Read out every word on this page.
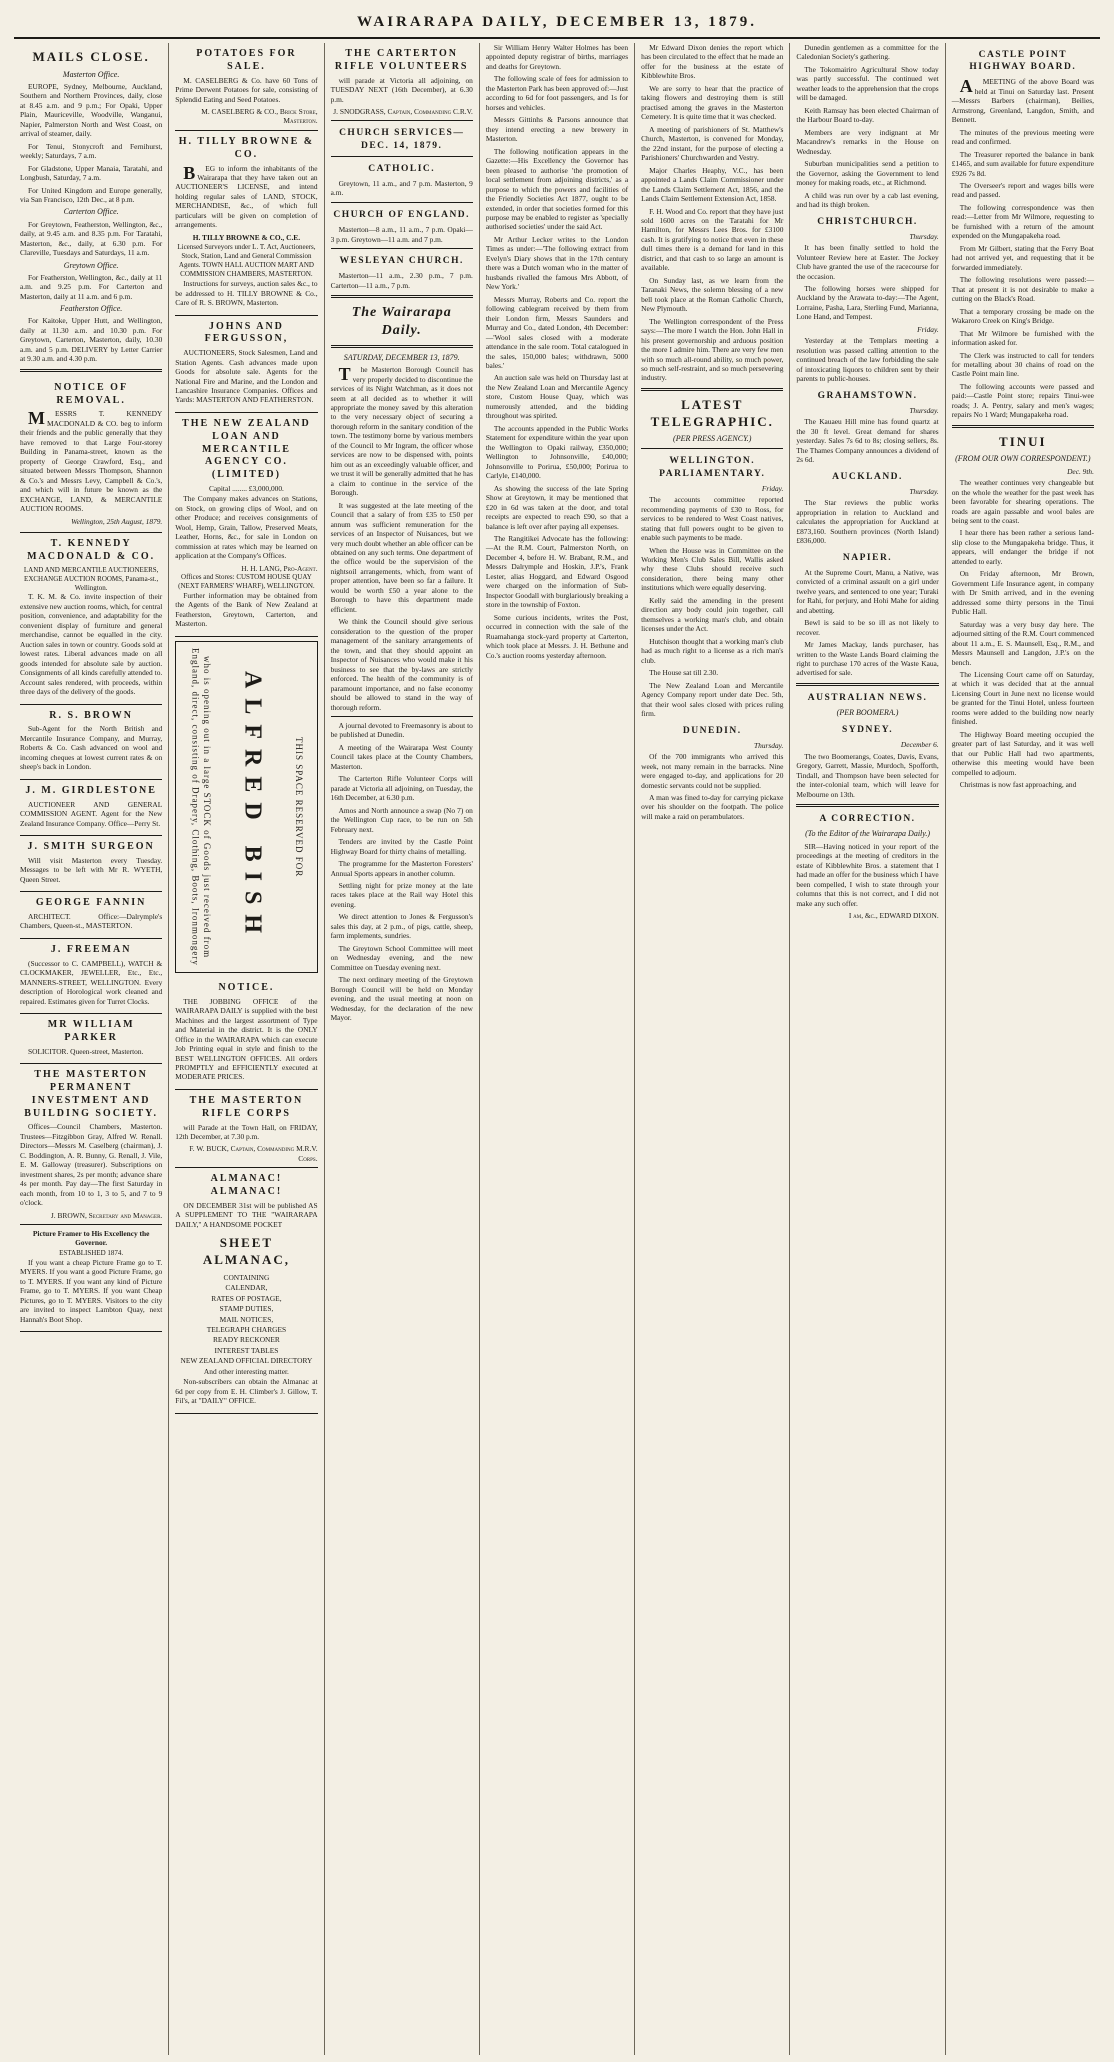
WAIRARAPA DAILY, DECEMBER 13, 1879.
MAILS CLOSE.
Masterton Office.

EUROPE, Sydney, Melbourne, Auckland, Southern and Northern Provinces, daily, close at 8.45 a.m. and 9 p.m.; For Opaki, Upper Plain, Mauriceville, Woodville, Wanganui, Napier, Palmerston North and West Coast, on arrival of steamer, daily.

For Tenui, Stonycroft and Fernihurst, weekly; Saturdays, 7 a.m.

For Gladstone, Upper Manaia, Taratahi, and Longbush, Saturday, 7 a.m.

For United Kingdom and Europe generally, via San Francisco, 12th Dec., at 8 p.m.

Carterton Office.

For Greytown, Featherston, Wellington, &c., daily, at 9.45 a.m. and 8.35 p.m. For Taratahi, Masterton, &c., daily, at 6.30 p.m. For Clareville, Tuesdays and Saturdays, 11 a.m.

Greytown Office.

For Featherston, Wellington, &c., daily at 11 a.m. and 9.25 p.m. For Carterton and Masterton, daily at 11 a.m. and 6 p.m.

Featherston Office.

For Kaitoke, Upper Hutt, and Wellington, daily at 11.30 a.m. and 10.30 p.m. For Greytown, Carterton, Masterton, daily, 10.30 a.m. and 5 p.m. DELIVERY by Letter Carrier at 9.30 a.m. and 4.30 p.m.

NOTICE OF REMOVAL.

MESSRS T. KENNEDY MACDONALD & CO. beg to inform their friends and the public generally that they have removed to that Large Four-storey Building in Panama-street, known as the property of George Crawford, Esq., and situated between Messrs Thompson, Shannon & Co.'s and Messrs Levy, Campbell & Co.'s, and which will in future be known as the EXCHANGE, LAND, & MERCANTILE AUCTION ROOMS.

Wellington, 25th August, 1879.
T. KENNEDY MACDONALD & CO.
LAND AND MERCANTILE AUCTIONEERS, EXCHANGE AUCTION ROOMS, Panama-st., Wellington.

T. K. M. & Co. invite inspection of their extensive new auction rooms, which, for central position, convenience, and adaptability for the convenient display of furniture and general merchandise, cannot be equalled in the city. Auction sales in town or country. Goods sold at lowest rates. Liberal advances made on all goods intended for absolute sale by auction. Consignments of all kinds carefully attended to. Account sales rendered, with proceeds, within three days of the delivery of the goods.

R. S. BROWN

Sub-Agent for the North British and Mercantile Insurance Company, and Murray, Roberts & Co. Cash advanced on wool and incoming cheques at lowest current rates & on sheep's back in London.

J. M. GIRDLESTONE

AUCTIONEER AND GENERAL COMMISSION AGENT. Agent for the New Zealand Insurance Company. Office—Perry St.

J. SMITH SURGEON

Will visit Masterton every Tuesday. Messages to be left with Mr R. WYETH, Queen Street.

GEORGE FANNIN

ARCHITECT. Office:—Dalrymple's Chambers, Queen-st., MASTERTON.

J. FREEMAN

(Successor to C. CAMPBELL), WATCH & CLOCKMAKER, JEWELLER, Etc., Etc., MANNERS-STREET, WELLINGTON. Every description of Horological work cleaned and repaired. Estimates given for Turret Clocks.

MR WILLIAM PARKER

SOLICITOR. Queen-street, Masterton.

THE MASTERTON PERMANENT INVESTMENT AND BUILDING SOCIETY.

Offices—Council Chambers, Masterton. Trustees—Fitzgibbon Gray, Alfred W. Renall. Directors—Messrs M. Caselberg (chairman), J. C. Boddington, A. R. Bunny, G. Renall, J. Vile, E. M. Galloway (treasurer). Subscriptions on investment shares, 2s per month; advance share 4s per month. Pay day—The first Saturday in each month, from 10 to 1, 3 to 5, and 7 to 9 o'clock.

J. BROWN, Secretary and Manager.
Picture Framer to His Excellency the Governor.
ESTABLISHED 1874.

If you want a cheap Picture Frame go to T. MYERS. If you want a good Picture Frame, go to T. MYERS. If you want any kind of Picture Frame, go to T. MYERS. If you want Cheap Pictures, go to T. MYERS. Visitors to the city are invited to inspect Lambton Quay, next Hannah's Boot Shop.

POTATOES FOR SALE.

M. CASELBERG & Co. have 60 Tons of Prime Derwent Potatoes for sale, consisting of Splendid Eating and Seed Potatoes.

M. CASELBERG & CO., Brick Store, Masterton.
H. TILLY BROWNE & CO.

BEG to inform the inhabitants of the Wairarapa that they have taken out an AUCTIONEER'S LICENSE, and intend holding regular sales of LAND, STOCK, MERCHANDISE, &c., of which full particulars will be given on completion of arrangements.

H. TILLY BROWNE & CO., C.E.
Licensed Surveyors under L. T. Act, Auctioneers, Stock, Station, Land and General Commission Agents. TOWN HALL AUCTION MART AND COMMISSION CHAMBERS, MASTERTON.

Instructions for surveys, auction sales &c., to be addressed to H. TILLY BROWNE & Co., Care of R. S. BROWN, Masterton.

JOHNS AND FERGUSSON,

AUCTIONEERS, Stock Salesmen, Land and Station Agents. Cash advances made upon Goods for absolute sale. Agents for the National Fire and Marine, and the London and Lancashire Insurance Companies. Offices and Yards: MASTERTON AND FEATHERSTON.

THE NEW ZEALAND LOAN AND MERCANTILE AGENCY CO. (LIMITED)
Capital ........ £3,000,000.

The Company makes advances on Stations, on Stock, on growing clips of Wool, and on other Produce; and receives consignments of Wool, Hemp, Grain, Tallow, Preserved Meats, Leather, Horns, &c., for sale in London on commission at rates which may be learned on application at the Company's Offices.

H. H. LANG, Pro-Agent.
Offices and Stores: CUSTOM HOUSE QUAY (NEXT FARMERS' WHARF), WELLINGTON.

Further information may be obtained from the Agents of the Bank of New Zealand at Featherston, Greytown, Carterton, and Masterton.

THIS SPACE RESERVED FOR
ALFRED BISH
who is opening out in a large STOCK of Goods just received from England, direct, consisting of Drapery, Clothing, Boots, Ironmongery
NOTICE.

THE JOBBING OFFICE of the WAIRARAPA DAILY is supplied with the best Machines and the largest assortment of Type and Material in the district. It is the ONLY Office in the WAIRARAPA which can execute Job Printing equal in style and finish to the BEST WELLINGTON OFFICES. All orders PROMPTLY and EFFICIENTLY executed at MODERATE PRICES.

THE MASTERTON RIFLE CORPS

will Parade at the Town Hall, on FRIDAY, 12th December, at 7.30 p.m.

F. W. BUCK, Captain, Commanding M.R.V. Corps.
ALMANAC! ALMANAC!

ON DECEMBER 31st will be published AS A SUPPLEMENT TO THE "WAIRARAPA DAILY," A HANDSOME POCKET

SHEET ALMANAC,
CONTAINING
CALENDAR,
RATES OF POSTAGE,
STAMP DUTIES,
MAIL NOTICES,
TELEGRAPH CHARGES
READY RECKONER
INTEREST TABLES
NEW ZEALAND OFFICIAL DIRECTORY
And other interesting matter.

Non-subscribers can obtain the Almanac at 6d per copy from E. H. Climber's J. Gillow, T. Fil's, at "DAILY" OFFICE.

THE CARTERTON RIFLE VOLUNTEERS

will parade at Victoria all adjoining, on TUESDAY NEXT (16th December), at 6.30 p.m.

J. SNODGRASS, Captain, Commanding C.R.V.
CHURCH SERVICES—DEC. 14, 1879.
CATHOLIC.

Greytown, 11 a.m., and 7 p.m. Masterton, 9 a.m.

CHURCH OF ENGLAND.

Masterton—8 a.m., 11 a.m., 7 p.m. Opaki—3 p.m. Greytown—11 a.m. and 7 p.m.

WESLEYAN CHURCH.

Masterton—11 a.m., 2.30 p.m., 7 p.m. Carterton—11 a.m., 7 p.m.

The Wairarapa Daily.
SATURDAY, DECEMBER 13, 1879.

The Masterton Borough Council has very properly decided to discontinue the services of its Night Watchman, as it does not seem at all decided as to whether it will appropriate the money saved by this alteration to the very necessary object of securing a thorough reform in the sanitary condition of the town. The testimony borne by various members of the Council to Mr Ingram, the officer whose services are now to be dispensed with, points him out as an exceedingly valuable officer, and we trust it will be generally admitted that he has a claim to continue in the service of the Borough.

It was suggested at the late meeting of the Council that a salary of from £35 to £50 per annum was sufficient remuneration for the services of an Inspector of Nuisances, but we very much doubt whether an able officer can be obtained on any such terms. One department of the office would be the supervision of the nightsoil arrangements, which, from want of proper attention, have been so far a failure. It would be worth £50 a year alone to the Borough to have this department made efficient.

We think the Council should give serious consideration to the question of the proper management of the sanitary arrangements of the town, and that they should appoint an Inspector of Nuisances who would make it his business to see that the by-laws are strictly enforced. The health of the community is of paramount importance, and no false economy should be allowed to stand in the way of thorough reform.

A journal devoted to Freemasonry is about to be published at Dunedin.

A meeting of the Wairarapa West County Council takes place at the County Chambers, Masterton.

The Carterton Rifle Volunteer Corps will parade at Victoria all adjoining, on Tuesday, the 16th December, at 6.30 p.m.

Amos and North announce a swap (No 7) on the Wellington Cup race, to be run on 5th February next.

Tenders are invited by the Castle Point Highway Board for thirty chains of metalling.

The programme for the Masterton Foresters' Annual Sports appears in another column.

Settling night for prize money at the late races takes place at the Rail way Hotel this evening.

We direct attention to Jones & Fergusson's sales this day, at 2 p.m., of pigs, cattle, sheep, farm implements, sundries.

The Greytown School Committee will meet on Wednesday evening, and the new Committee on Tuesday evening next.

The next ordinary meeting of the Greytown Borough Council will be held on Monday evening, and the usual meeting at noon on Wednesday, for the declaration of the new Mayor.

Sir William Henry Walter Holmes has been appointed deputy registrar of births, marriages and deaths for Greytown.

The following scale of fees for admission to the Masterton Park has been approved of:—Just according to 6d for foot passengers, and 1s for horses and vehicles.

Messrs Gittinhs & Parsons announce that they intend erecting a new brewery in Masterton.

The following notification appears in the Gazette:—His Excellency the Governor has been pleased to authorise 'the promotion of local settlement from adjoining districts,' as a purpose to which the powers and facilities of the Friendly Societies Act 1877, ought to be extended, in order that societies formed for this purpose may be enabled to register as 'specially authorised societies' under the said Act.

Mr Arthur Lecker writes to the London Times as under:—'The following extract from Evelyn's Diary shows that in the 17th century there was a Dutch woman who in the matter of husbands rivalled the famous Mrs Abbott, of New York.'

Messrs Murray, Roberts and Co. report the following cablegram received by them from their London firm, Messrs Saunders and Murray and Co., dated London, 4th December:—'Wool sales closed with a moderate attendance in the sale room. Total catalogued in the sales, 150,000 bales; withdrawn, 5000 bales.'

An auction sale was held on Thursday last at the New Zealand Loan and Mercantile Agency store, Custom House Quay, which was numerously attended, and the bidding throughout was spirited.

The accounts appended in the Public Works Statement for expenditure within the year upon the Wellington to Opaki railway, £350,000; Wellington to Johnsonville, £40,000; Johnsonville to Porirua, £50,000; Porirua to Carlyle, £140,000.

As showing the success of the late Spring Show at Greytown, it may be mentioned that £20 in 6d was taken at the door, and total receipts are expected to reach £90, so that a balance is left over after paying all expenses.

The Rangitikei Advocate has the following:—At the R.M. Court, Palmerston North, on December 4, before H. W. Brabant, R.M., and Messrs Dalrymple and Hoskin, J.P.'s, Frank Lester, alias Hoggard, and Edward Osgood were charged on the information of Sub-Inspector Goodall with burglariously breaking a store in the township of Foxton.

Some curious incidents, writes the Post, occurred in connection with the sale of the Ruamahanga stock-yard property at Carterton, which took place at Messrs. J. H. Bethune and Co.'s auction rooms yesterday afternoon.

Mr Edward Dixon denies the report which has been circulated to the effect that he made an offer for the business at the estate of Kibblewhite Bros.

We are sorry to hear that the practice of taking flowers and destroying them is still practised among the graves in the Masterton Cemetery. It is quite time that it was checked.

A meeting of parishioners of St. Matthew's Church, Masterton, is convened for Monday, the 22nd instant, for the purpose of electing a Parishioners' Churchwarden and Vestry.

Major Charles Heaphy, V.C., has been appointed a Lands Claim Commissioner under the Lands Claim Settlement Act, 1856, and the Lands Claim Settlement Extension Act, 1858.

F. H. Wood and Co. report that they have just sold 1600 acres on the Taratahi for Mr Hamilton, for Messrs Lees Bros. for £3100 cash. It is gratifying to notice that even in these dull times there is a demand for land in this district, and that cash to so large an amount is available.

On Sunday last, as we learn from the Taranaki News, the solemn blessing of a new bell took place at the Roman Catholic Church, New Plymouth.

The Wellington correspondent of the Press says:—The more I watch the Hon. John Hall in his present governorship and arduous position the more I admire him. There are very few men with so much all-round ability, so much power, so much self-restraint, and so much persevering industry.

LATEST TELEGRAPHIC.
(PER PRESS AGENCY.)
WELLINGTON. PARLIAMENTARY.
Friday.

The accounts committee reported recommending payments of £30 to Ross, for services to be rendered to West Coast natives, stating that full powers ought to be given to enable such payments to be made.

When the House was in Committee on the Working Men's Club Sales Bill, Wallis asked why these Clubs should receive such consideration, there being many other institutions which were equally deserving.

Kelly said the amending in the present direction any body could join together, call themselves a working man's club, and obtain licenses under the Act.

Hutchison thought that a working man's club had as much right to a license as a rich man's club.

The House sat till 2.30.

The New Zealand Loan and Mercantile Agency Company report under date Dec. 5th, that their wool sales closed with prices ruling firm.

DUNEDIN.
Thursday.

Of the 700 immigrants who arrived this week, not many remain in the barracks. Nine were engaged to-day, and applications for 20 domestic servants could not be supplied.

A man was fined to-day for carrying pickaxe over his shoulder on the footpath. The police will make a raid on perambulators.

Dunedin gentlemen as a committee for the Caledonian Society's gathering.

The Tokomairiro Agricultural Show today was partly successful. The continued wet weather leads to the apprehension that the crops will be damaged.

Keith Ramsay has been elected Chairman of the Harbour Board to-day.

Members are very indignant at Mr Macandrew's remarks in the House on Wednesday.

Suburban municipalities send a petition to the Governor, asking the Government to lend money for making roads, etc., at Richmond.

A child was run over by a cab last evening, and had its thigh broken.

CHRISTCHURCH.
Thursday.

It has been finally settled to hold the Volunteer Review here at Easter. The Jockey Club have granted the use of the racecourse for the occasion.

The following horses were shipped for Auckland by the Arawata to-day:—The Agent, Lorraine, Pasha, Lara, Sterling Fund, Marianna, Lone Hand, and Tempest.

Friday.

Yesterday at the Templars meeting a resolution was passed calling attention to the continued breach of the law forbidding the sale of intoxicating liquors to children sent by their parents to public-houses.

GRAHAMSTOWN.
Thursday.

The Kauaeu Hill mine has found quartz at the 30 ft level. Great demand for shares yesterday. Sales 7s 6d to 8s; closing sellers, 8s. The Thames Company announces a dividend of 2s 6d.

AUCKLAND.
Thursday.

The Star reviews the public works appropriation in relation to Auckland and calculates the appropriation for Auckland at £873,160. Southern provinces (North Island) £836,000.

NAPIER.

At the Supreme Court, Manu, a Native, was convicted of a criminal assault on a girl under twelve years, and sentenced to one year; Turaki for Rahi, for perjury, and Hohi Mahe for aiding and abetting.

Bewl is said to be so ill as not likely to recover.

Mr James Mackay, lands purchaser, has written to the Waste Lands Board claiming the right to purchase 170 acres of the Waste Kaua, advertised for sale.

AUSTRALIAN NEWS.
(PER BOOMERA.)
SYDNEY.
December 6.

The two Boomerangs, Coates, Davis, Evans, Gregory, Garrett, Massie, Murdoch, Spofforth, Tindall, and Thompson have been selected for the inter-colonial team, which will leave for Melbourne on 13th.

A CORRECTION.
(To the Editor of the Wairarapa Daily.)

SIR—Having noticed in your report of the proceedings at the meeting of creditors in the estate of Kibblewhite Bros. a statement that I had made an offer for the business which I have been compelled, I wish to state through your columns that this is not correct, and I did not make any such offer.

I am, &c., EDWARD DIXON.
CASTLE POINT HIGHWAY BOARD.

AMEETING of the above Board was held at Tinui on Saturday last. Present—Messrs Barbers (chairman), Beilies, Armstrong, Greenland, Langdon, Smith, and Bennett.

The minutes of the previous meeting were read and confirmed.

The Treasurer reported the balance in bank £1465, and sum available for future expenditure £926 7s 8d.

The Overseer's report and wages bills were read and passed.

The following correspondence was then read:—Letter from Mr Wilmore, requesting to be furnished with a return of the amount expended on the Mungapakeha road.

From Mr Gilbert, stating that the Ferry Boat had not arrived yet, and requesting that it be forwarded immediately.

The following resolutions were passed:—That at present it is not desirable to make a cutting on the Black's Road.

That a temporary crossing be made on the Wakaroro Creek on King's Bridge.

That Mr Wilmore be furnished with the information asked for.

The Clerk was instructed to call for tenders for metalling about 30 chains of road on the Castle Point main line.

The following accounts were passed and paid:—Castle Point store; repairs Tinui-wee roads; J. A. Pentry, salary and men's wages; repairs No 1 Ward; Mungapakeha road.

TINUI
(FROM OUR OWN CORRESPONDENT.)
Dec. 9th.

The weather continues very changeable but on the whole the weather for the past week has been favorable for shearing operations. The roads are again passable and wool bales are being sent to the coast.

I hear there has been rather a serious land-slip close to the Mungapakeha bridge. Thus, it appears, will endanger the bridge if not attended to early.

On Friday afternoon, Mr Brown, Government Life Insurance agent, in company with Dr Smith arrived, and in the evening addressed some thirty persons in the Tinui Public Hall.

Saturday was a very busy day here. The adjourned sitting of the R.M. Court commenced about 11 a.m., E. S. Maunsell, Esq., R.M., and Messrs Maunsell and Langdon, J.P.'s on the bench.

The Licensing Court came off on Saturday, at which it was decided that at the annual Licensing Court in June next no license would be granted for the Tinui Hotel, unless fourteen rooms were added to the building now nearly finished.

The Highway Board meeting occupied the greater part of last Saturday, and it was well that our Public Hall had two apartments, otherwise this meeting would have been compelled to adjourn.

Christmas is now fast approaching, and
